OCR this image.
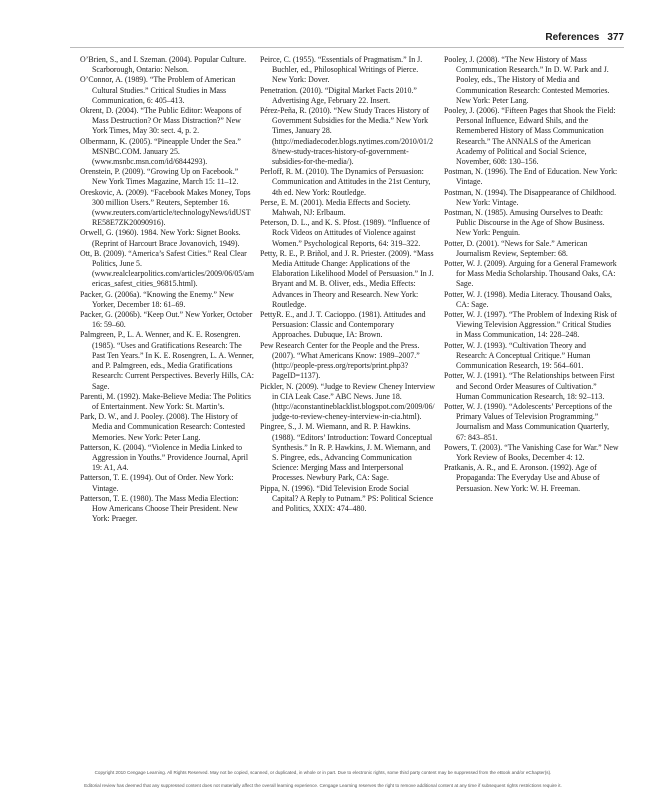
References 377

O’Brien, S., and I. Szeman. (2004). Popular Culture. Scarborough, Ontario: Nelson.

O’Connor, A. (1989). “The Problem of American Cultural Studies.” Critical Studies in Mass Communication, 6: 405–413.

Okrent, D. (2004). “The Public Editor: Weapons of Mass Destruction? Or Mass Distraction?” New York Times, May 30: sect. 4, p. 2.

Olbermann, K. (2005). “Pineapple Under the Sea.” MSNBC.COM. January 25. (www.msnbc.msn.com/id/6844293).

Orenstein, P. (2009). “Growing Up on Facebook.” New York Times Magazine, March 15: 11–12.

Oreskovic, A. (2009). “Facebook Makes Money, Tops 300 million Users.” Reuters, September 16. (www.reuters.com/article/technologyNews/idUSTRE58E7ZK20090916).

Orwell, G. (1960). 1984. New York: Signet Books. (Reprint of Harcourt Brace Jovanovich, 1949).

Ott, B. (2009). “America’s Safest Cities.” Real Clear Politics, June 5. (www.realclearpolitics.com/articles/2009/06/05/americas_safest_cities_96815.html).

Packer, G. (2006a). “Knowing the Enemy.” New Yorker, December 18: 61–69.

Packer, G. (2006b). “Keep Out.” New Yorker, October 16: 59–60.

Palmgreen, P., L. A. Wenner, and K. E. Rosengren. (1985). “Uses and Gratifications Research: The Past Ten Years.” In K. E. Rosengren, L. A. Wenner, and P. Palmgreen, eds., Media Gratifications Research: Current Perspectives. Beverly Hills, CA: Sage.

Parenti, M. (1992). Make-Believe Media: The Politics of Entertainment. New York: St. Martin’s.

Park, D. W., and J. Pooley. (2008). The History of Media and Communication Research: Contested Memories. New York: Peter Lang.

Patterson, K. (2004). “Violence in Media Linked to Aggression in Youths.” Providence Journal, April 19: A1, A4.

Patterson, T. E. (1994). Out of Order. New York: Vintage.

Patterson, T. E. (1980). The Mass Media Election: How Americans Choose Their President. New York: Praeger.

Peirce, C. (1955). “Essentials of Pragmatism.” In J. Buchler, ed., Philosophical Writings of Pierce. New York: Dover.

Penetration. (2010). “Digital Market Facts 2010.” Advertising Age, February 22. Insert.

Pérez-Peña, R. (2010). “New Study Traces History of Government Subsidies for the Media.” New York Times, January 28. (http://mediadecoder.blogs.nytimes.com/2010/01/28/new-study-traces-history-of-government-subsidies-for-the-media/).

Perloff, R. M. (2010). The Dynamics of Persuasion: Communication and Attitudes in the 21st Century, 4th ed. New York: Routledge.

Perse, E. M. (2001). Media Effects and Society. Mahwah, NJ: Erlbaum.

Peterson, D. L., and K. S. Pfost. (1989). “Influence of Rock Videos on Attitudes of Violence against Women.” Psychological Reports, 64: 319–322.

Petty, R. E., P. Briñol, and J. R. Priester. (2009). “Mass Media Attitude Change: Applications of the Elaboration Likelihood Model of Persuasion.” In J. Bryant and M. B. Oliver, eds., Media Effects: Advances in Theory and Research. New York: Routledge.

PettyR. E., and J. T. Cacioppo. (1981). Attitudes and Persuasion: Classic and Contemporary Approaches. Dubuque, IA: Brown.

Pew Research Center for the People and the Press. (2007). “What Americans Know: 1989–2007.” (http://people-press.org/reports/print.php3?PageID=1137).

Pickler, N. (2009). “Judge to Review Cheney Interview in CIA Leak Case.” ABC News. June 18. (http://aconstantineblacklist.blogspot.com/2009/06/judge-to-review-cheney-interview-in-cia.html).

Pingree, S., J. M. Wiemann, and R. P. Hawkins. (1988). “Editors’ Introduction: Toward Conceptual Synthesis.” In R. P. Hawkins, J. M. Wiemann, and S. Pingree, eds., Advancing Communication Science: Merging Mass and Interpersonal Processes. Newbury Park, CA: Sage.

Pippa, N. (1996). “Did Television Erode Social Capital? A Reply to Putnam.” PS: Political Science and Politics, XXIX: 474–480.

Pooley, J. (2008). “The New History of Mass Communication Research.” In D. W. Park and J. Pooley, eds., The History of Media and Communication Research: Contested Memories. New York: Peter Lang.

Pooley, J. (2006). “Fifteen Pages that Shook the Field: Personal Influence, Edward Shils, and the Remembered History of Mass Communication Research.” The ANNALS of the American Academy of Political and Social Science, November, 608: 130–156.

Postman, N. (1996). The End of Education. New York: Vintage.

Postman, N. (1994). The Disappearance of Childhood. New York: Vintage.

Postman, N. (1985). Amusing Ourselves to Death: Public Discourse in the Age of Show Business. New York: Penguin.

Potter, D. (2001). “News for Sale.” American Journalism Review, September: 68.

Potter, W. J. (2009). Arguing for a General Framework for Mass Media Scholarship. Thousand Oaks, CA: Sage.

Potter, W. J. (1998). Media Literacy. Thousand Oaks, CA: Sage.

Potter, W. J. (1997). “The Problem of Indexing Risk of Viewing Television Aggression.” Critical Studies in Mass Communication, 14: 228–248.

Potter, W. J. (1993). “Cultivation Theory and Research: A Conceptual Critique.” Human Communication Research, 19: 564–601.

Potter, W. J. (1991). “The Relationships between First and Second Order Measures of Cultivation.” Human Communication Research, 18: 92–113.

Potter, W. J. (1990). “Adolescents’ Perceptions of the Primary Values of Television Programming.” Journalism and Mass Communication Quarterly, 67: 843–851.

Powers, T. (2003). “The Vanishing Case for War.” New York Review of Books, December 4: 12.

Pratkanis, A. R., and E. Aronson. (1992). Age of Propaganda: The Everyday Use and Abuse of Persuasion. New York: W. H. Freeman.

Copyright 2010 Cengage Learning. All Rights Reserved. May not be copied, scanned, or duplicated, in whole or in part. Due to electronic rights, some third party content may be suppressed from the eBook and/or eChapter(s).
Editorial review has deemed that any suppressed content does not materially affect the overall learning experience. Cengage Learning reserves the right to remove additional content at any time if subsequent rights restrictions require it.
